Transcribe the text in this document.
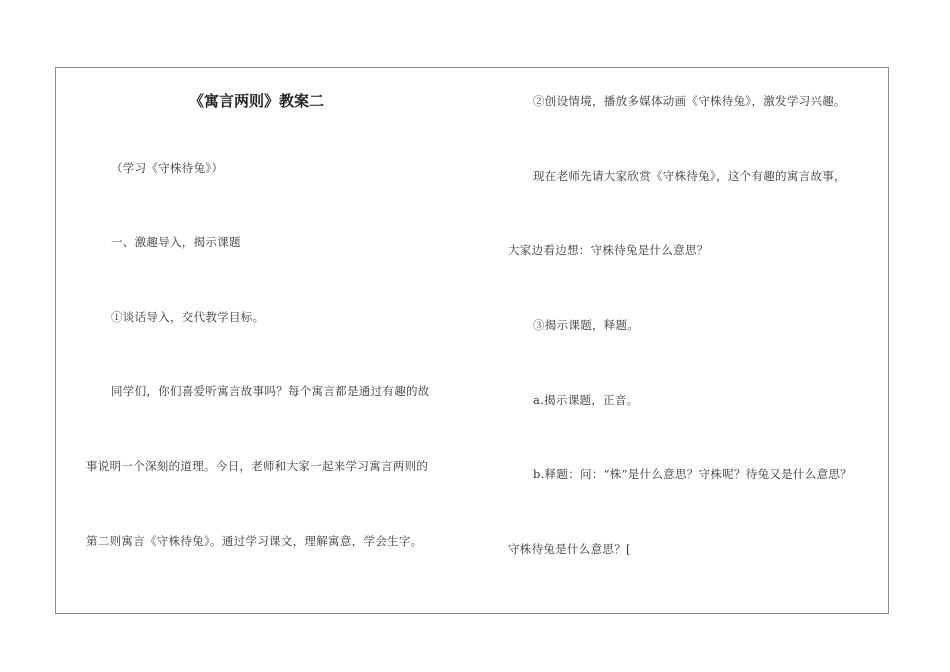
《寓言两则》教案二
（学习《守株待兔》）
一、激趣导入，揭示课题
①谈话导入，交代教学目标。
同学们，你们喜爱听寓言故事吗？每个寓言都是通过有趣的故
事说明一个深刻的道理。今日，老师和大家一起来学习寓言两则的
第二则寓言《守株待兔》。通过学习课文，理解寓意，学会生字。
②创设情境，播放多媒体动画《守株待兔》，激发学习兴趣。
现在老师先请大家欣赏《守株待兔》，这个有趣的寓言故事，
大家边看边想：守株待兔是什么意思？
③揭示课题，释题。
a.揭示课题，正音。
b.释题：问：“株”是什么意思？守株呢？待兔又是什么意思？
守株待兔是什么意思？[
